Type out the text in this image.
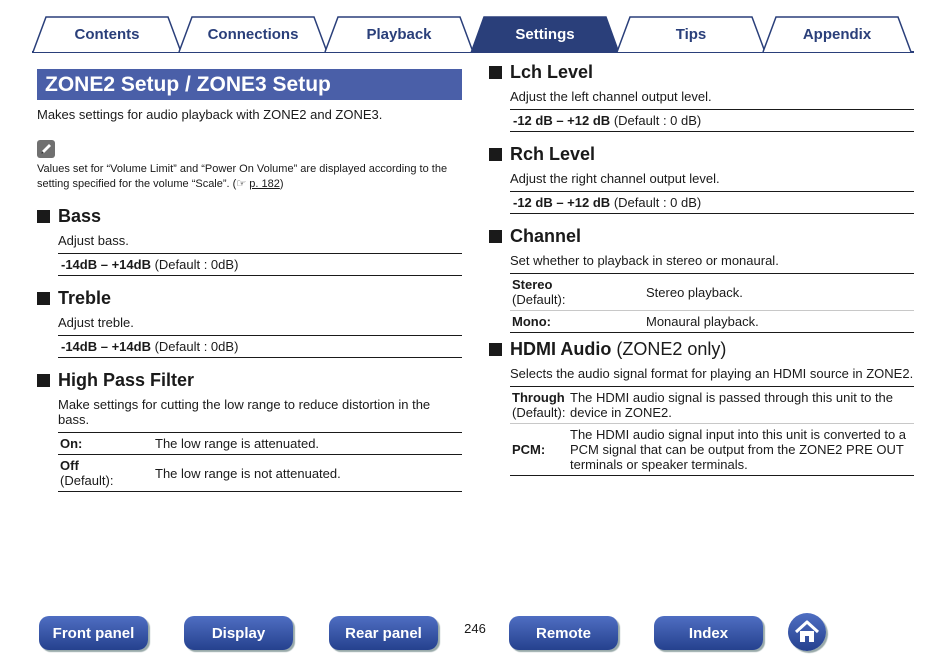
Contents	Connections	Playback	Settings	Tips	Appendix
ZONE2 Setup / ZONE3 Setup
Makes settings for audio playback with ZONE2 and ZONE3.
Values set for “Volume Limit” and “Power On Volume” are displayed according to the setting specified for the volume “Scale”. (☞ p. 182)
Bass
Adjust bass.
-14dB – +14dB (Default : 0dB)
Treble
Adjust treble.
-14dB – +14dB (Default : 0dB)
High Pass Filter
Make settings for cutting the low range to reduce distortion in the bass.
On:	The low range is attenuated.
Off
(Default):	The low range is not attenuated.
Lch Level
Adjust the left channel output level.
-12 dB – +12 dB (Default : 0 dB)
Rch Level
Adjust the right channel output level.
-12 dB – +12 dB (Default : 0 dB)
Channel
Set whether to playback in stereo or monaural.
Stereo
(Default):	Stereo playback.
Mono:	Monaural playback.
HDMI Audio
(ZONE2 only)
Selects the audio signal format for playing an HDMI source in ZONE2.
Through
(Default):	The HDMI audio signal is passed through this unit to the device in ZONE2.
PCM:	The HDMI audio signal input into this unit is converted to a PCM signal that can be output from the ZONE2 PRE OUT terminals or speaker terminals.
Front panel	Display	Rear panel	246	Remote	Index
